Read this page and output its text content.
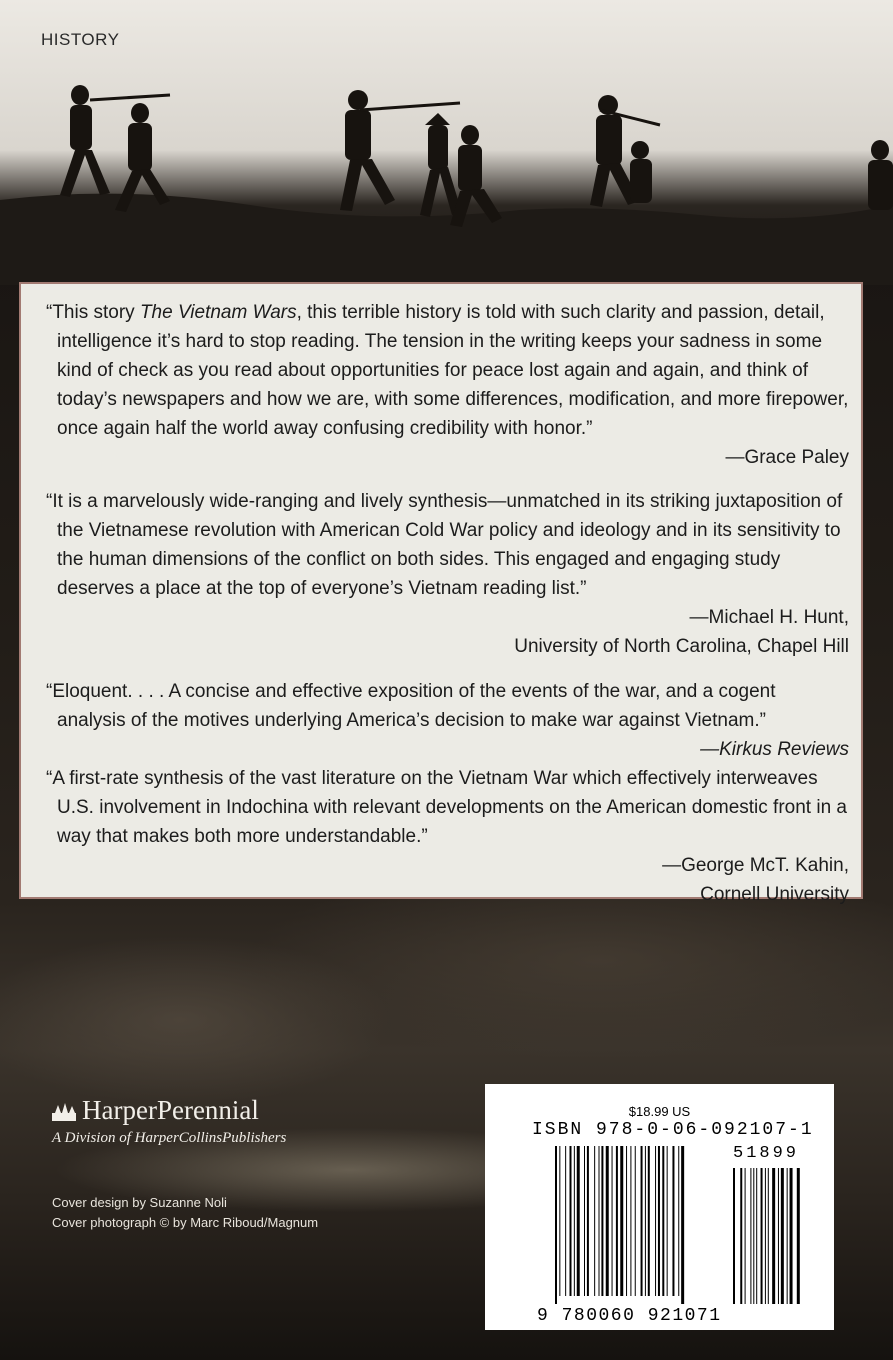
HISTORY
“This story The Vietnam Wars, this terrible history is told with such clarity and passion, detail, intelligence it’s hard to stop reading. The tension in the writing keeps your sadness in some kind of check as you read about opportunities for peace lost again and again, and think of today’s newspapers and how we are, with some differences, modification, and more firepower, once again half the world away confusing credibility with honor.”
—Grace Paley
“It is a marvelously wide-ranging and lively synthesis—unmatched in its striking juxtaposition of the Vietnamese revolution with American Cold War policy and ideology and in its sensitivity to the human dimensions of the conflict on both sides. This engaged and engaging study deserves a place at the top of everyone’s Vietnam reading list.”
—Michael H. Hunt,
University of North Carolina, Chapel Hill
“Eloquent. . . . A concise and effective exposition of the events of the war, and a cogent analysis of the motives underlying America’s decision to make war against Vietnam.”
—Kirkus Reviews
“A first-rate synthesis of the vast literature on the Vietnam War which effectively interweaves U.S. involvement in Indochina with relevant developments on the American domestic front in a way that makes both more understandable.”
—George McT. Kahin,
Cornell University
HarperPerennial
A Division of HarperCollinsPublishers
Cover design by Suzanne Noli
Cover photograph © by Marc Riboud/Magnum
$18.99 US
ISBN 978-0-06-092107-1
51899
9 780060 921071
